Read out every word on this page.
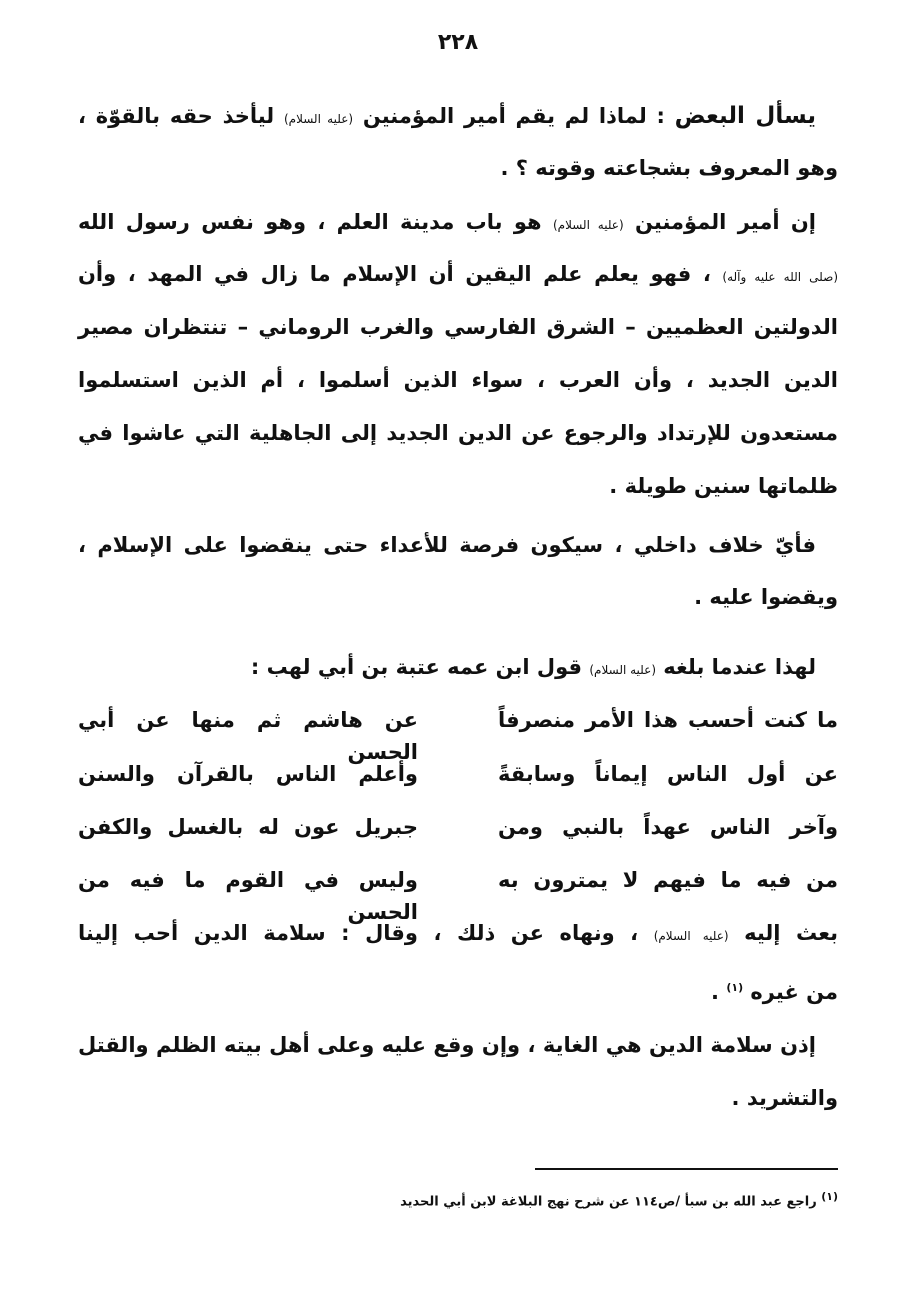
٢٢٨
يسأل البعض : لماذا لم يقم أمير المؤمنين (عليه السلام) ليأخذ حقه بالقوّة ،
وهو المعروف بشجاعته وقوته ؟ .
إن أمير المؤمنين (عليه السلام) هو باب مدينة العلم ، وهو نفس رسول الله
(صلى الله عليه وآله) ، فهو يعلم علم اليقين أن الإسلام ما زال في المهد ، وأن
الدولتين العظميين – الشرق الفارسي والغرب الروماني – تنتظران مصير
الدين الجديد ، وأن العرب ، سواء الذين أسلموا ، أم الذين استسلموا
مستعدون للإرتداد والرجوع عن الدين الجديد إلى الجاهلية التي عاشوا في
ظلماتها سنين طويلة .
فأيّ خلاف داخلي ، سيكون فرصة للأعداء حتى ينقضوا على الإسلام ،
ويقضوا عليه .
لهذا عندما بلغه (عليه السلام) قول ابن عمه عتبة بن أبي لهب :
ما كنت أحسب هذا الأمر منصرفاً
عن هاشم ثم منها عن أبي الحسن
عن أول الناس إيماناً وسابقةً
وأعلم الناس بالقرآن والسنن
وآخر الناس عهداً بالنبي ومن
جبريل عون له بالغسل والكفن
من فيه ما فيهم لا يمترون به
وليس في القوم ما فيه من الحسن
بعث إليه (عليه السلام) ، ونهاه عن ذلك ، وقال : سلامة الدين أحب إلينا
من غيره $^{(١)}$ .
إذن سلامة الدين هي الغاية ، وإن وقع عليه وعلى أهل بيته الظلم والقتل
والتشريد .
$^{(١)}$ راجع عبد الله بن سبأ /ص١١٤ عن شرح نهج البلاغة لابن أبي الحديد
